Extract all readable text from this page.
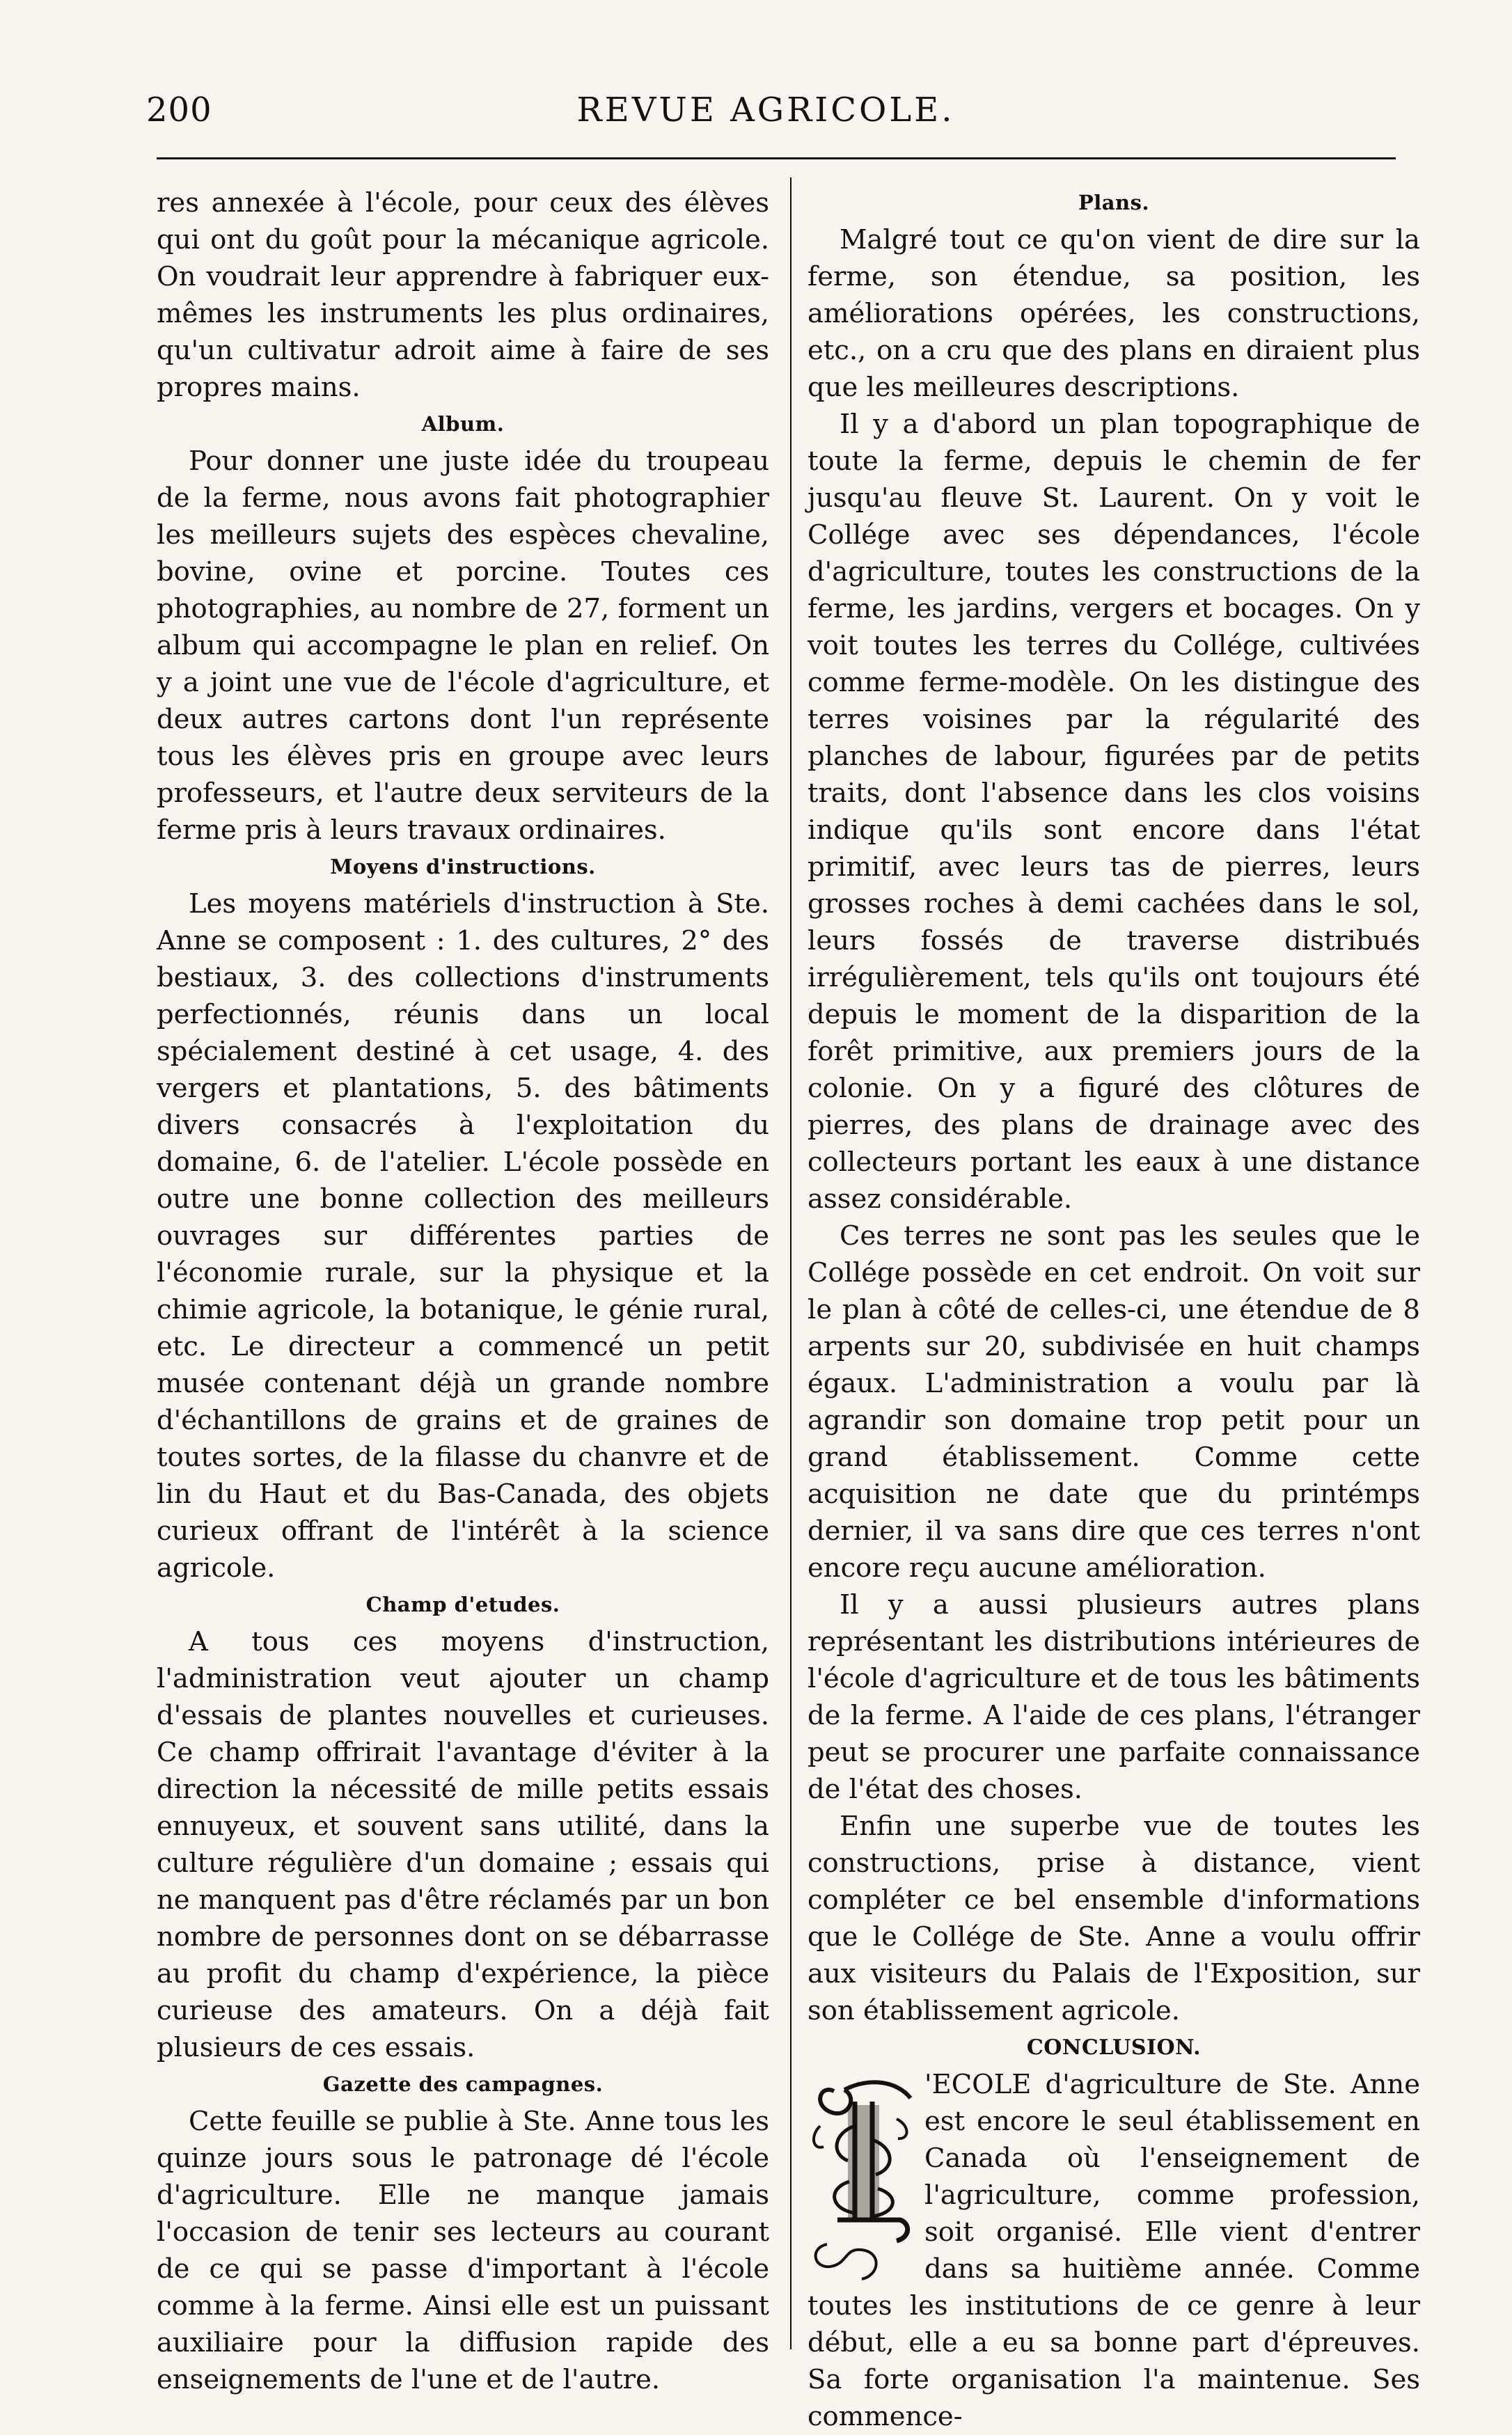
200	REVUE AGRICOLE.

res annexée à l'école, pour ceux des élèves qui ont du goût pour la mécanique agricole. On voudrait leur apprendre à fabriquer eux-mêmes les instruments les plus ordinaires, qu'un cultivatur adroit aime à faire de ses propres mains.

Album.

Pour donner une juste idée du troupeau de la ferme, nous avons fait photographier les meilleurs sujets des espèces chevaline, bovine, ovine et porcine. Toutes ces photographies, au nombre de 27, forment un album qui accompagne le plan en relief. On y a joint une vue de l'école d'agriculture, et deux autres cartons dont l'un représente tous les élèves pris en groupe avec leurs professeurs, et l'autre deux serviteurs de la ferme pris à leurs travaux ordinaires.

Moyens d'instructions.

Les moyens matériels d'instruction à Ste. Anne se composent : 1. des cultures, 2° des bestiaux, 3. des collections d'instruments perfectionnés, réunis dans un local spécialement destiné à cet usage, 4. des vergers et plantations, 5. des bâtiments divers consacrés à l'exploitation du domaine, 6. de l'atelier. L'école possède en outre une bonne collection des meilleurs ouvrages sur différentes parties de l'économie rurale, sur la physique et la chimie agricole, la botanique, le génie rural, etc. Le directeur a commencé un petit musée contenant déjà un grande nombre d'échantillons de grains et de graines de toutes sortes, de la filasse du chanvre et de lin du Haut et du Bas-Canada, des objets curieux offrant de l'intérêt à la science agricole.

Champ d'etudes.

A tous ces moyens d'instruction, l'administration veut ajouter un champ d'essais de plantes nouvelles et curieuses. Ce champ offrirait l'avantage d'éviter à la direction la nécessité de mille petits essais ennuyeux, et souvent sans utilité, dans la culture régulière d'un domaine ; essais qui ne manquent pas d'être réclamés par un bon nombre de personnes dont on se débarrasse au profit du champ d'expérience, la pièce curieuse des amateurs. On a déjà fait plusieurs de ces essais.

Gazette des campagnes.

Cette feuille se publie à Ste. Anne tous les quinze jours sous le patronage dé l'école d'agriculture. Elle ne manque jamais l'occasion de tenir ses lecteurs au courant de ce qui se passe d'important à l'école comme à la ferme. Ainsi elle est un puissant auxiliaire pour la diffusion rapide des enseignements de l'une et de l'autre.

Plans.

Malgré tout ce qu'on vient de dire sur la ferme, son étendue, sa position, les améliorations opérées, les constructions, etc., on a cru que des plans en diraient plus que les meilleures descriptions.

Il y a d'abord un plan topographique de toute la ferme, depuis le chemin de fer jusqu'au fleuve St. Laurent. On y voit le Collége avec ses dépendances, l'école d'agriculture, toutes les constructions de la ferme, les jardins, vergers et bocages. On y voit toutes les terres du Collége, cultivées comme ferme-modèle. On les distingue des terres voisines par la régularité des planches de labour, figurées par de petits traits, dont l'absence dans les clos voisins indique qu'ils sont encore dans l'état primitif, avec leurs tas de pierres, leurs grosses roches à demi cachées dans le sol, leurs fossés de traverse distribués irrégulièrement, tels qu'ils ont toujours été depuis le moment de la disparition de la forêt primitive, aux premiers jours de la colonie. On y a figuré des clôtures de pierres, des plans de drainage avec des collecteurs portant les eaux à une distance assez considérable.

Ces terres ne sont pas les seules que le Collége possède en cet endroit. On voit sur le plan à côté de celles-ci, une étendue de 8 arpents sur 20, subdivisée en huit champs égaux. L'administration a voulu par là agrandir son domaine trop petit pour un grand établissement. Comme cette acquisition ne date que du printémps dernier, il va sans dire que ces terres n'ont encore reçu aucune amélioration.

Il y a aussi plusieurs autres plans représentant les distributions intérieures de l'école d'agriculture et de tous les bâtiments de la ferme. A l'aide de ces plans, l'étranger peut se procurer une parfaite connaissance de l'état des choses.

Enfin une superbe vue de toutes les constructions, prise à distance, vient compléter ce bel ensemble d'informations que le Collége de Ste. Anne a voulu offrir aux visiteurs du Palais de l'Exposition, sur son établissement agricole.

CONCLUSION.

'ECOLE d'agriculture de Ste. Anne est encore le seul établissement en Canada où l'enseignement de l'agriculture, comme profession, soit organisé. Elle vient d'entrer dans sa huitième année. Comme toutes les institutions de ce genre à leur début, elle a eu sa bonne part d'épreuves. Sa forte organisation l'a maintenue. Ses commence-
